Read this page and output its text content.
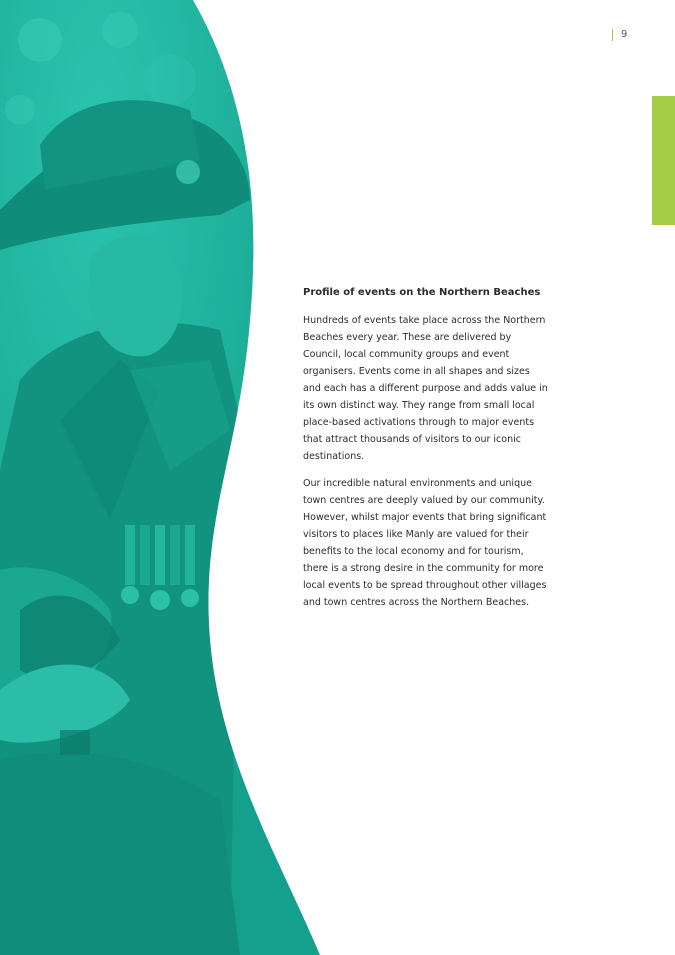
9

Profile of events on the Northern Beaches

Hundreds of events take place across the Northern Beaches every year. These are delivered by Council, local community groups and event organisers. Events come in all shapes and sizes and each has a different purpose and adds value in its own distinct way. They range from small local place-based activations through to major events that attract thousands of visitors to our iconic destinations.

Our incredible natural environments and unique town centres are deeply valued by our community. However, whilst major events that bring significant visitors to places like Manly are valued for their benefits to the local economy and for tourism, there is a strong desire in the community for more local events to be spread throughout other villages and town centres across the Northern Beaches.
